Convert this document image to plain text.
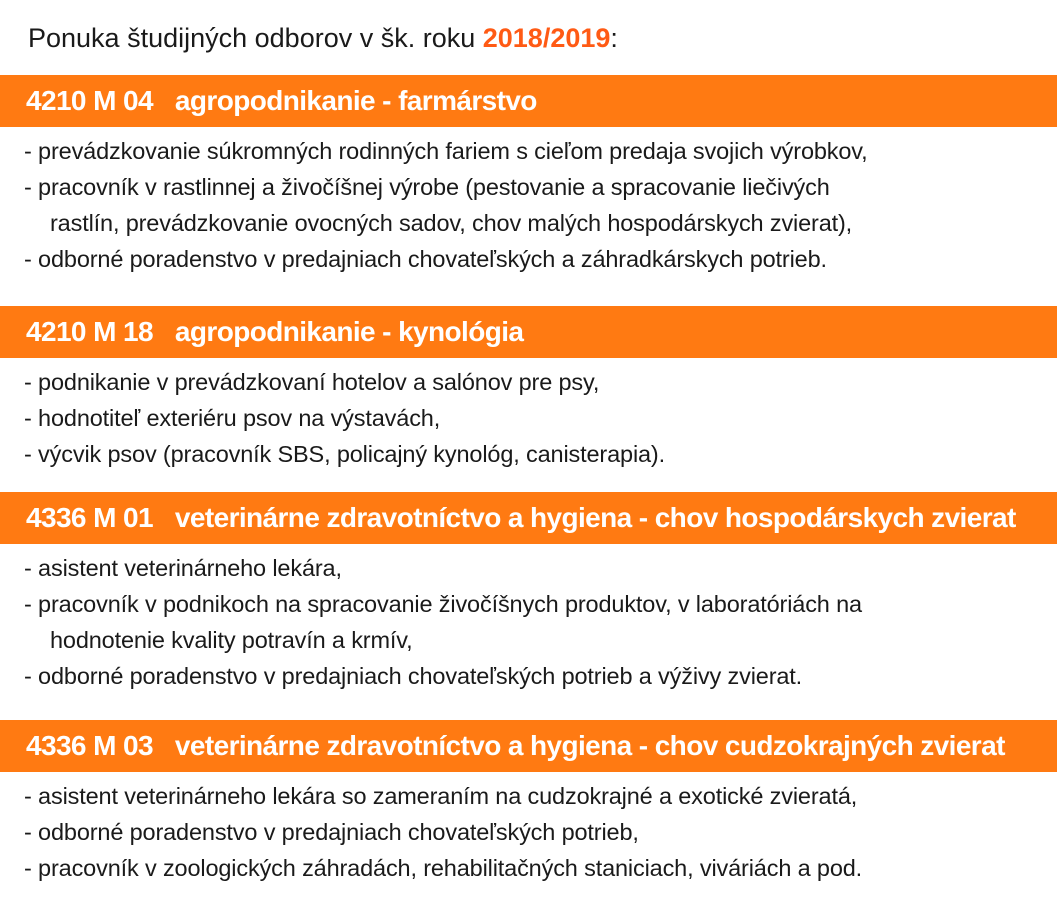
Ponuka študijných odborov v šk. roku 2018/2019:
4210 M 04 agropodnikanie - farmárstvo
- prevádzkovanie súkromných rodinných fariem s cieľom predaja svojich výrobkov,
- pracovník v rastlinnej a živočíšnej výrobe (pestovanie a spracovanie liečivých
rastlín, prevádzkovanie ovocných sadov, chov malých hospodárskych zvierat),
- odborné poradenstvo v predajniach chovateľských a záhradkárskych potrieb.
4210 M 18 agropodnikanie - kynológia
- podnikanie v prevádzkovaní hotelov a salónov pre psy,
- hodnotiteľ exteriéru psov na výstavách,
- výcvik psov (pracovník SBS, policajný kynológ, canisterapia).
4336 M 01 veterinárne zdravotníctvo a hygiena - chov hospodárskych zvierat
- asistent veterinárneho lekára,
- pracovník v podnikoch na spracovanie živočíšnych produktov, v laboratóriách na
hodnotenie kvality potravín a krmív,
- odborné poradenstvo v predajniach chovateľských potrieb a výživy zvierat.
4336 M 03 veterinárne zdravotníctvo a hygiena - chov cudzokrajných zvierat
- asistent veterinárneho lekára so zameraním na cudzokrajné a exotické zvieratá,
- odborné poradenstvo v predajniach chovateľských potrieb,
- pracovník v zoologických záhradách, rehabilitačných staniciach, viváriách a pod.
